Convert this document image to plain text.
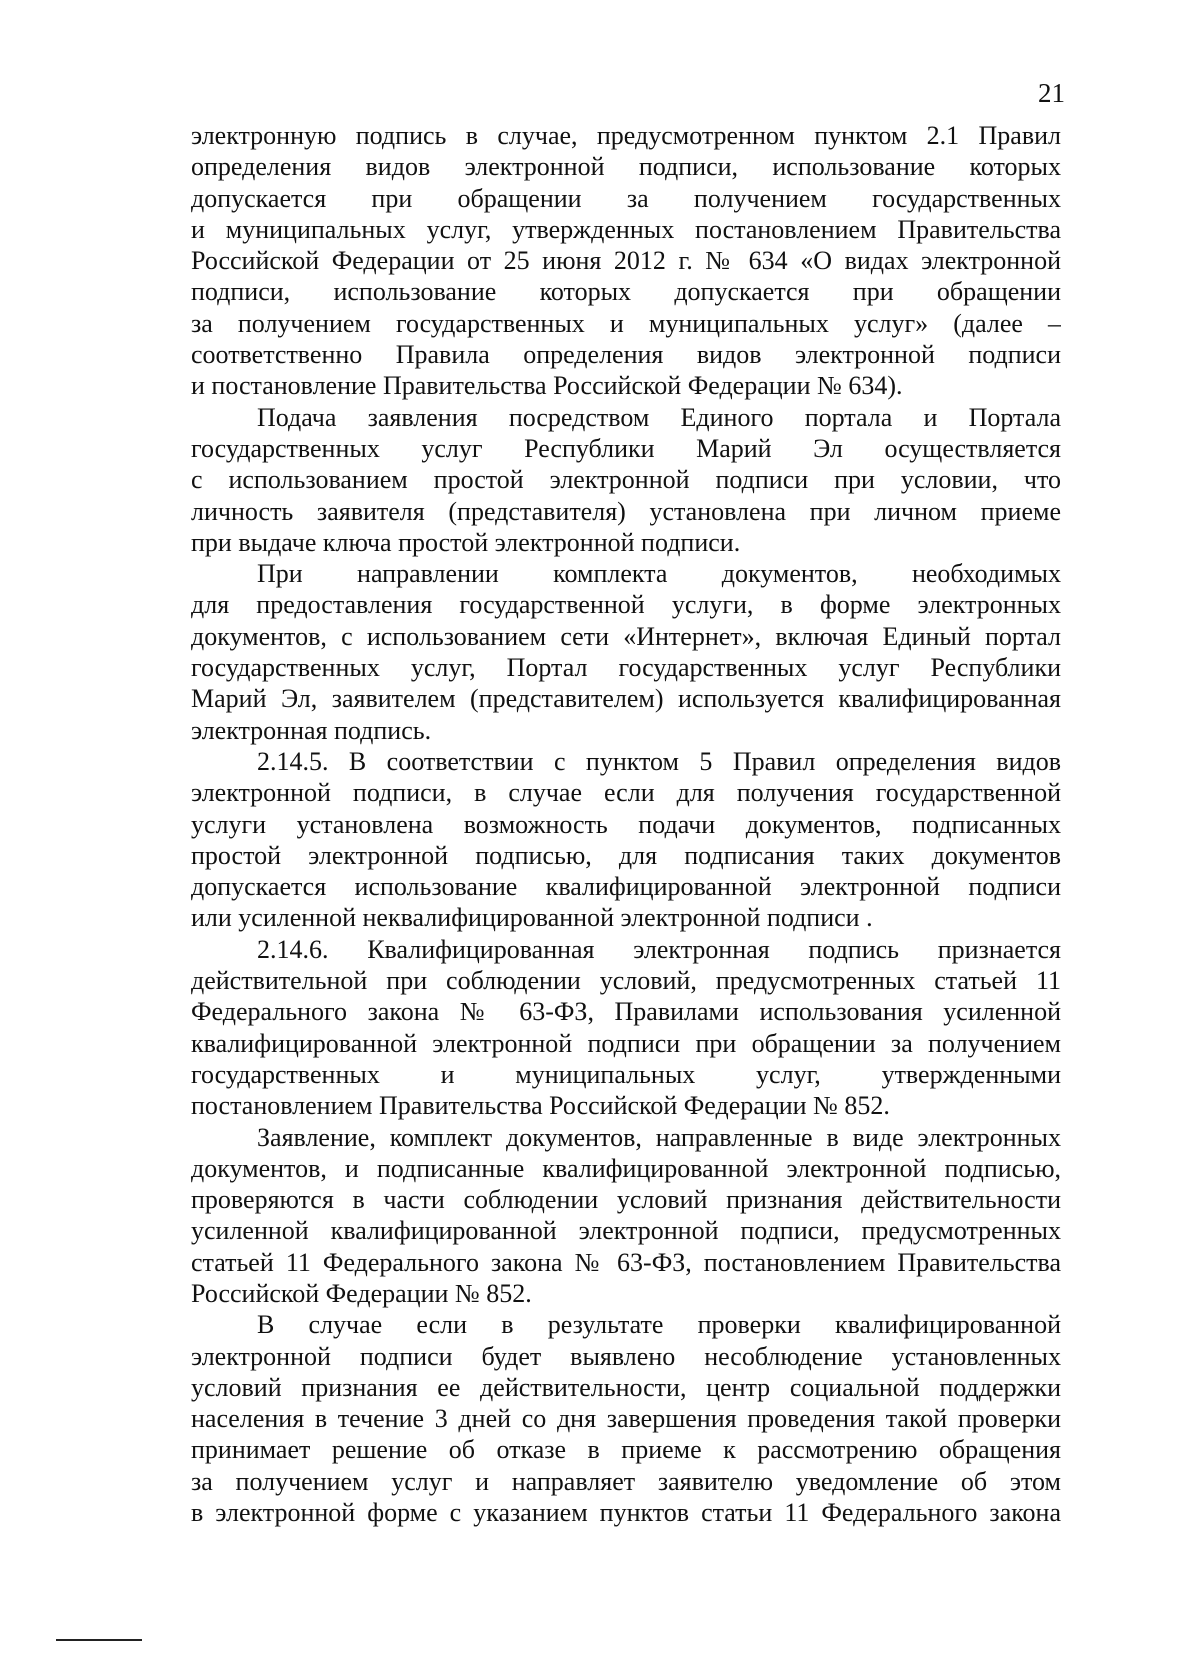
21
электронную подпись в случае, предусмотренном пунктом 2.1 Правил
определения видов электронной подписи, использование которых
допускается при обращении за получением государственных
и муниципальных услуг, утвержденных постановлением Правительства
Российской Федерации от 25 июня 2012 г. № 634 «О видах электронной
подписи, использование которых допускается при обращении
за получением государственных и муниципальных услуг» (далее –
соответственно Правила определения видов электронной подписи
и постановление Правительства Российской Федерации № 634).
Подача заявления посредством Единого портала и Портала
государственных услуг Республики Марий Эл осуществляется
с использованием простой электронной подписи при условии, что
личность заявителя (представителя) установлена при личном приеме
при выдаче ключа простой электронной подписи.
При направлении комплекта документов, необходимых
для предоставления государственной услуги, в форме электронных
документов, с использованием сети «Интернет», включая Единый портал
государственных услуг, Портал государственных услуг Республики
Марий Эл, заявителем (представителем) используется квалифицированная
электронная подпись.
2.14.5. В соответствии с пунктом 5 Правил определения видов
электронной подписи, в случае если для получения государственной
услуги установлена возможность подачи документов, подписанных
простой электронной подписью, для подписания таких документов
допускается использование квалифицированной электронной подписи
или усиленной неквалифицированной электронной подписи .
2.14.6. Квалифицированная электронная подпись признается
действительной при соблюдении условий, предусмотренных статьей 11
Федерального закона № 63-ФЗ, Правилами использования усиленной
квалифицированной электронной подписи при обращении за получением
государственных и муниципальных услуг, утвержденными
постановлением Правительства Российской Федерации № 852.
Заявление, комплект документов, направленные в виде электронных
документов, и подписанные квалифицированной электронной подписью,
проверяются в части соблюдении условий признания действительности
усиленной квалифицированной электронной подписи, предусмотренных
статьей 11 Федерального закона № 63-ФЗ, постановлением Правительства
Российской Федерации № 852.
В случае если в результате проверки квалифицированной
электронной подписи будет выявлено несоблюдение установленных
условий признания ее действительности, центр социальной поддержки
населения в течение 3 дней со дня завершения проведения такой проверки
принимает решение об отказе в приеме к рассмотрению обращения
за получением услуг и направляет заявителю уведомление об этом
в электронной форме с указанием пунктов статьи 11 Федерального закона
